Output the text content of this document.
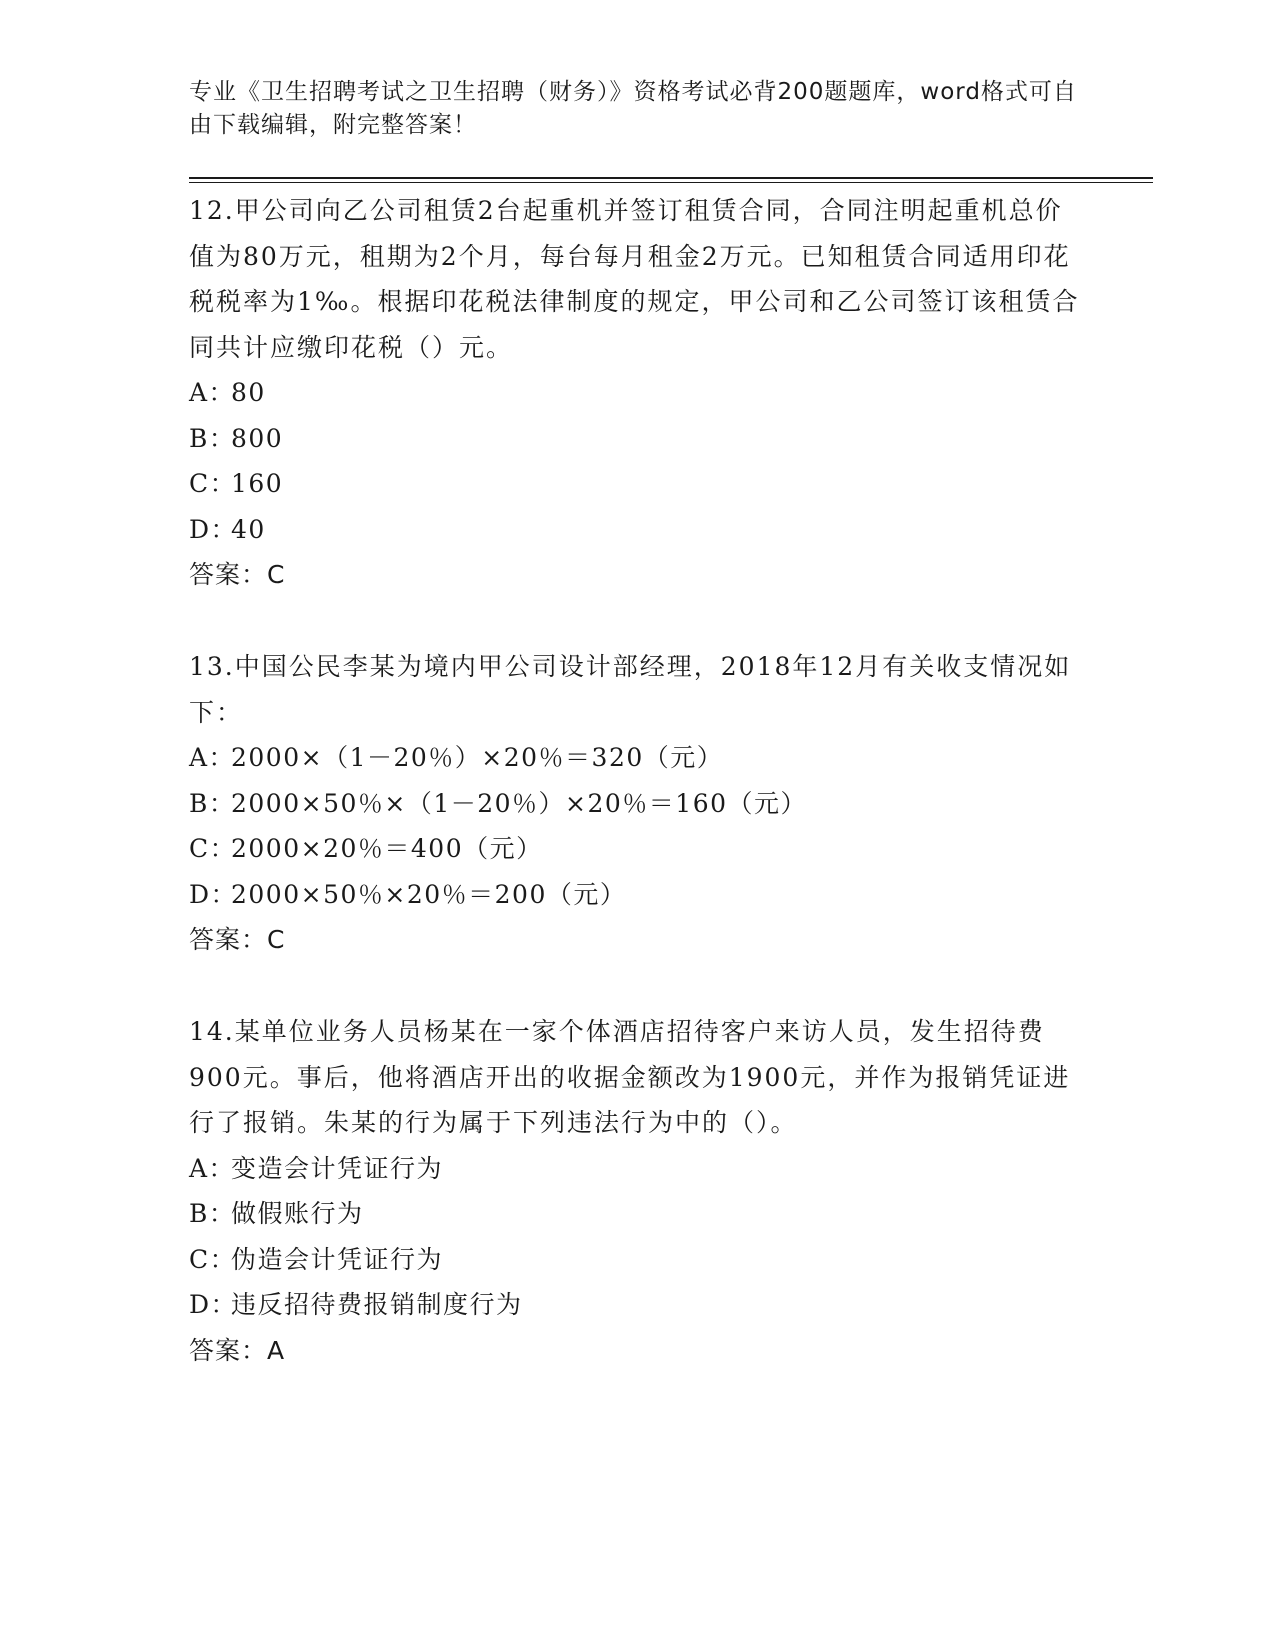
专业《卫生招聘考试之卫生招聘（财务）》资格考试必背200题题库，word格式可自由下载编辑，附完整答案！

12.甲公司向乙公司租赁2台起重机并签订租赁合同，合同注明起重机总价值为80万元，租期为2个月，每台每月租金2万元。已知租赁合同适用印花税税率为1‰。根据印花税法律制度的规定，甲公司和乙公司签订该租赁合同共计应缴印花税（）元。

A：80

B：800

C：160

D：40

答案：C

13.中国公民李某为境内甲公司设计部经理，2018年12月有关收支情况如下：

A：2000×（1－20％）×20％＝320（元）

B：2000×50％×（1－20％）×20％＝160（元）

C：2000×20％＝400（元）

D：2000×50％×20％＝200（元）

答案：C

14.某单位业务人员杨某在一家个体酒店招待客户来访人员，发生招待费900元。事后，他将酒店开出的收据金额改为1900元，并作为报销凭证进行了报销。朱某的行为属于下列违法行为中的（）。

A：变造会计凭证行为

B：做假账行为

C：伪造会计凭证行为

D：违反招待费报销制度行为

答案：A
